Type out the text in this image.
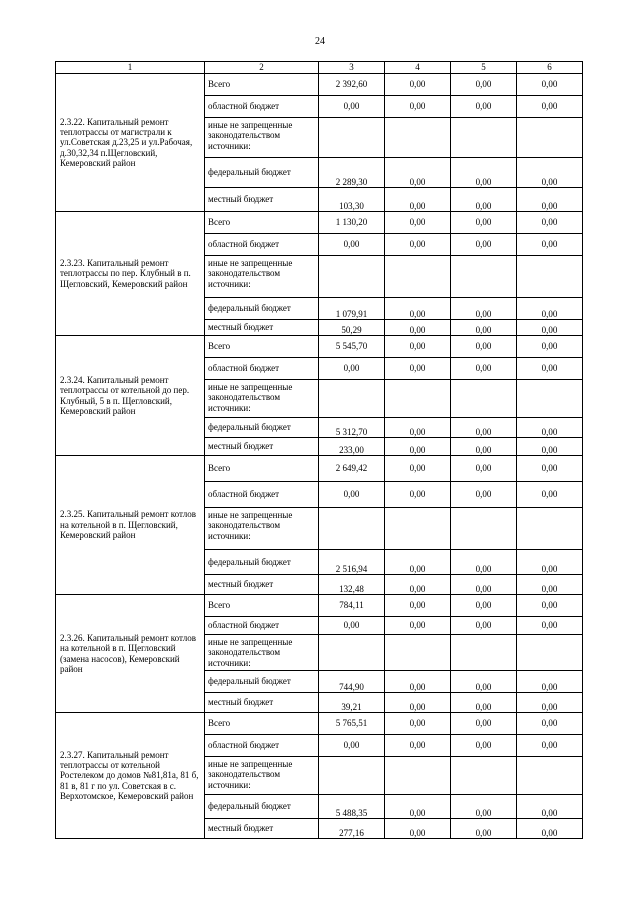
24
1	2	3	4	5	6
2.3.22. Капитальный ремонт теплотрассы от магистрали к ул.Советская д.23,25 и ул.Рабочая, д.30,32,34 п.Щегловский, Кемеровский район	Всего	2 392,60	0,00	0,00	0,00
	областной бюджет	0,00	0,00	0,00	0,00
	иные не запрещенные законодательством источники:				
	федеральный бюджет	2 289,30	0,00	0,00	0,00
	местный бюджет	103,30	0,00	0,00	0,00
2.3.23. Капитальный ремонт теплотрассы по пер. Клубный в п. Щегловский, Кемеровский район	Всего	1 130,20	0,00	0,00	0,00
	областной бюджет	0,00	0,00	0,00	0,00
	иные не запрещенные законодательством источники:				
	федеральный бюджет	1 079,91	0,00	0,00	0,00
	местный бюджет	50,29	0,00	0,00	0,00
2.3.24. Капитальный ремонт теплотрассы от котельной до пер. Клубный, 5 в п. Щегловский, Кемеровский район	Всего	5 545,70	0,00	0,00	0,00
	областной бюджет	0,00	0,00	0,00	0,00
	иные не запрещенные законодательством источники:				
	федеральный бюджет	5 312,70	0,00	0,00	0,00
	местный бюджет	233,00	0,00	0,00	0,00
2.3.25. Капитальный ремонт котлов на котельной в п. Щегловский, Кемеровский район	Всего	2 649,42	0,00	0,00	0,00
	областной бюджет	0,00	0,00	0,00	0,00
	иные не запрещенные законодательством источники:				
	федеральный бюджет	2 516,94	0,00	0,00	0,00
	местный бюджет	132,48	0,00	0,00	0,00
2.3.26. Капитальный ремонт котлов на котельной в п. Щегловский (замена насосов), Кемеровский район	Всего	784,11	0,00	0,00	0,00
	областной бюджет	0,00	0,00	0,00	0,00
	иные не запрещенные законодательством источники:				
	федеральный бюджет	744,90	0,00	0,00	0,00
	местный бюджет	39,21	0,00	0,00	0,00
2.3.27. Капитальный ремонт теплотрассы от котельной Ростелеком до домов №81,81а, 81 б, 81 в, 81 г по ул. Советская в с. Верхотомское, Кемеровский район	Всего	5 765,51	0,00	0,00	0,00
	областной бюджет	0,00	0,00	0,00	0,00
	иные не запрещенные законодательством источники:				
	федеральный бюджет	5 488,35	0,00	0,00	0,00
	местный бюджет	277,16	0,00	0,00	0,00
